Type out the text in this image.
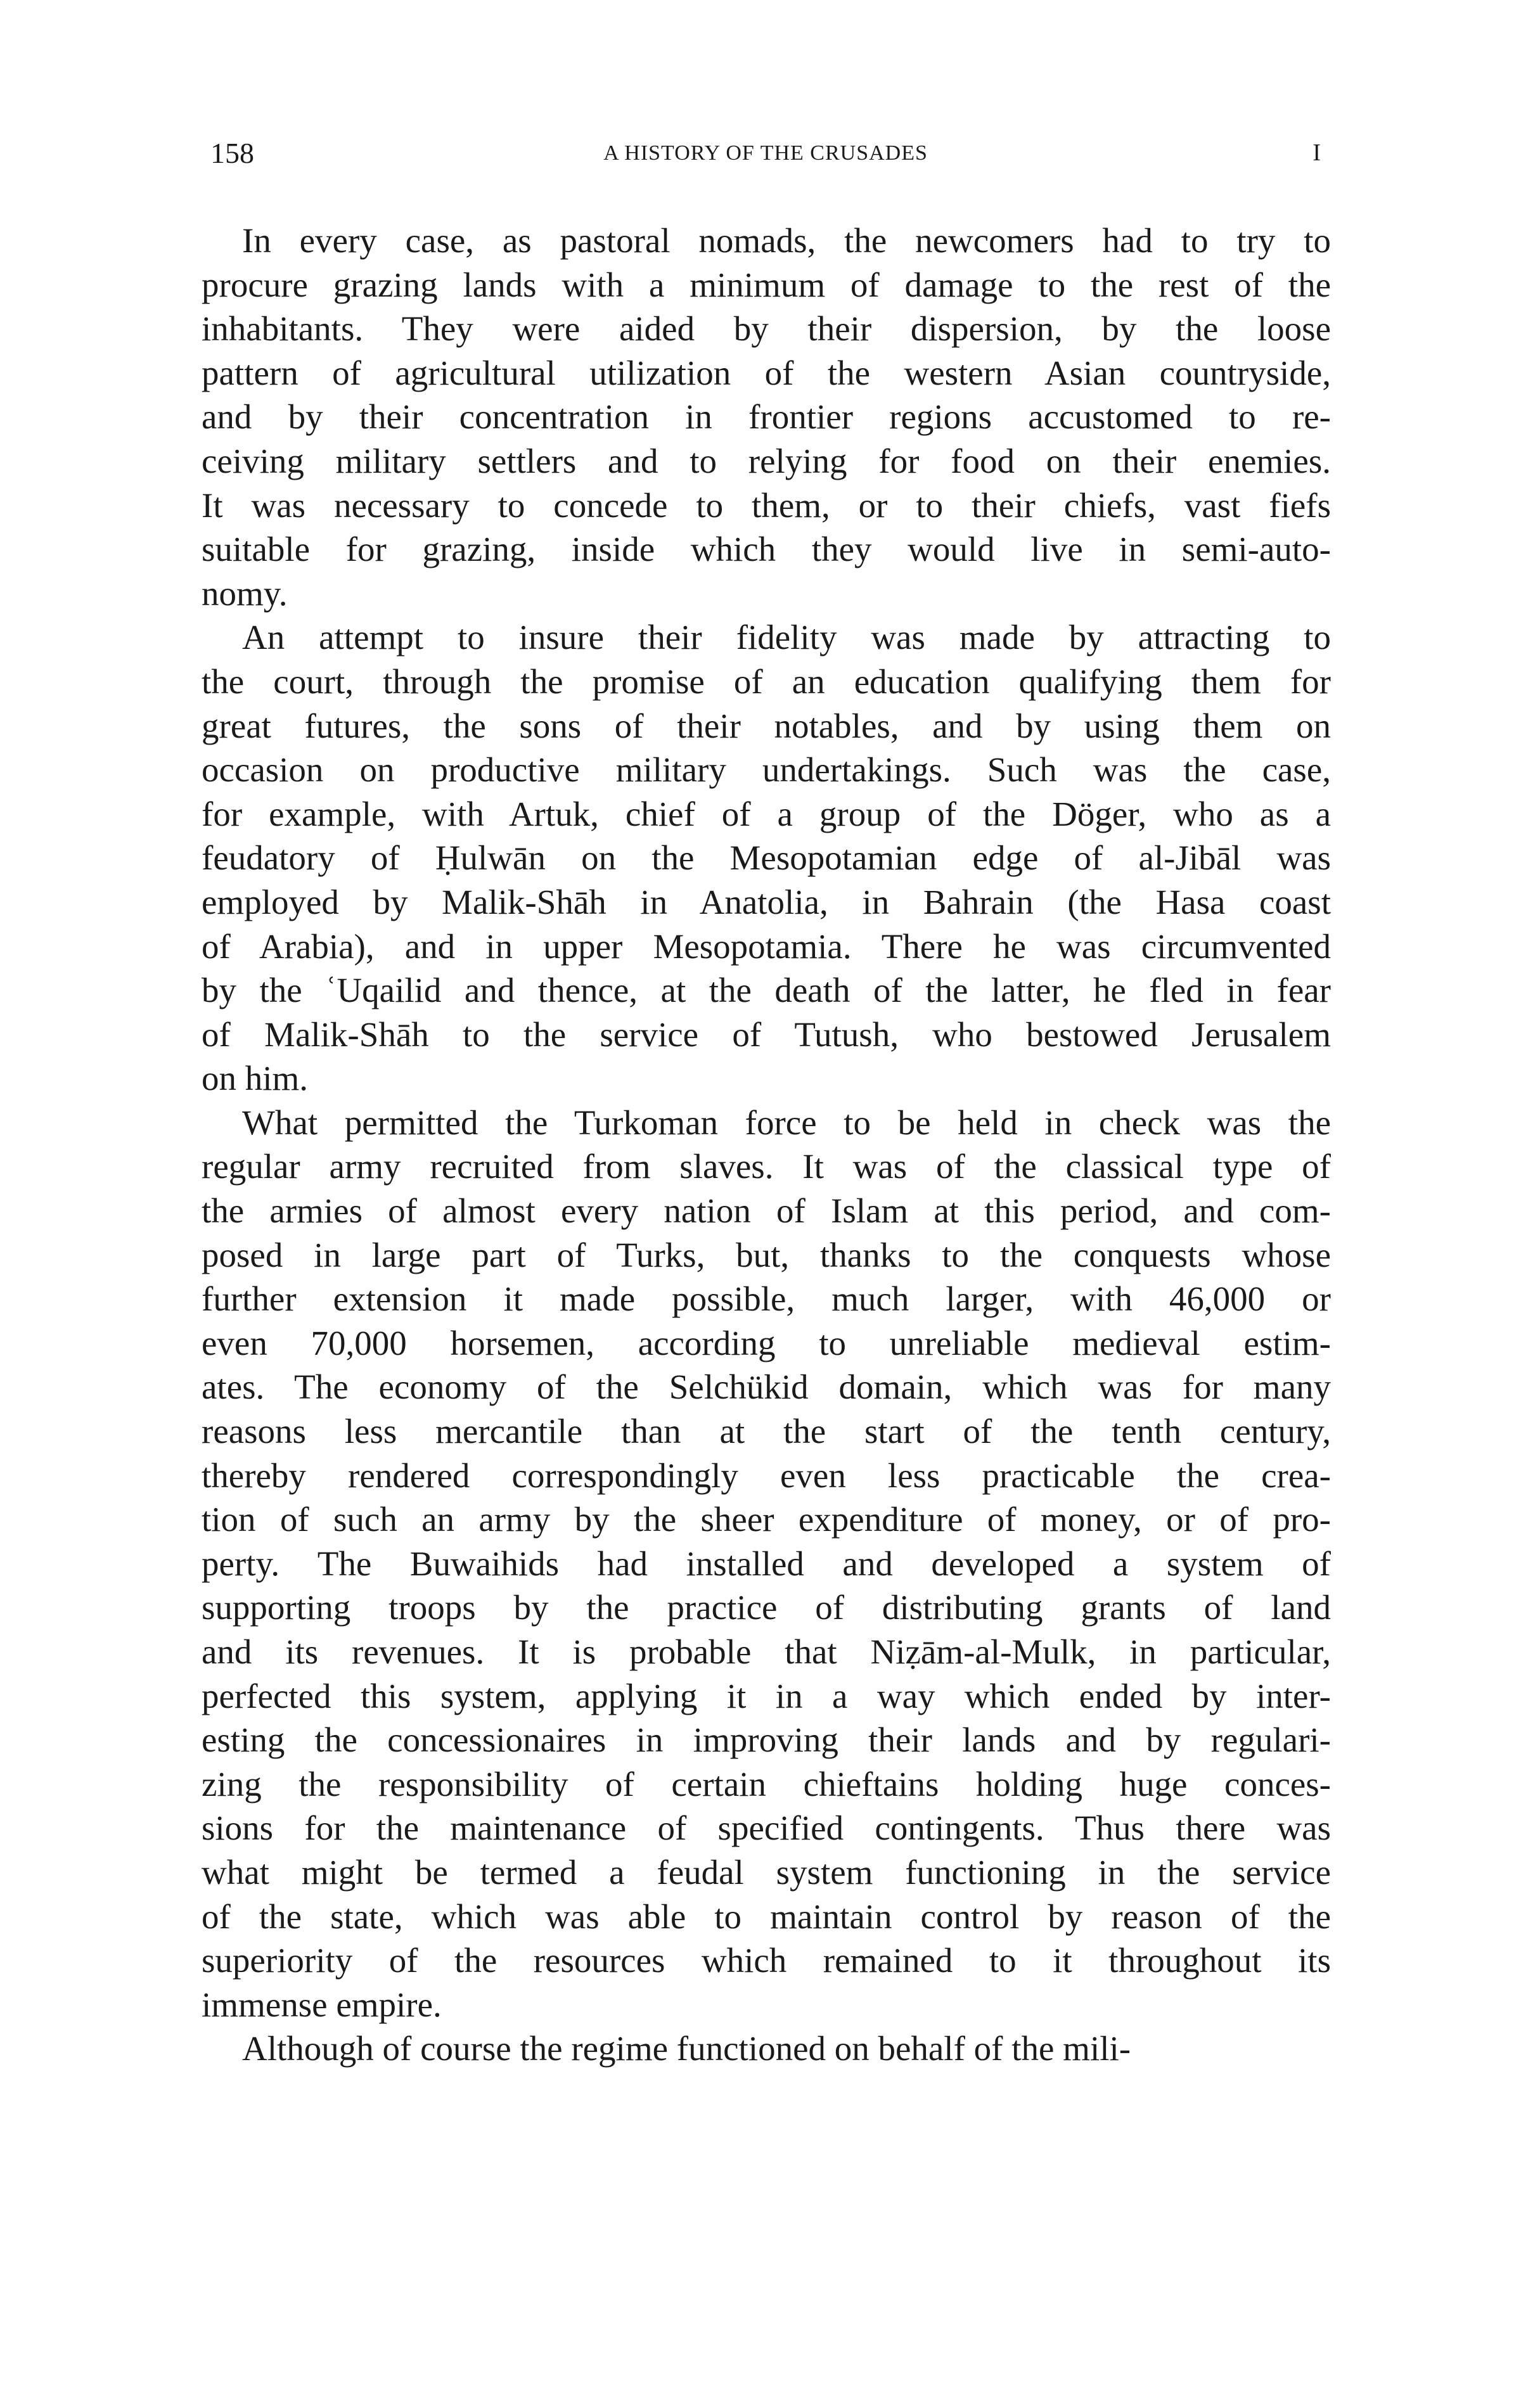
158	A HISTORY OF THE CRUSADES	I
In every case, as pastoral nomads, the newcomers had to try to
procure grazing lands with a minimum of damage to the rest of the
inhabitants. They were aided by their dispersion, by the loose
pattern of agricultural utilization of the western Asian countryside,
and by their concentration in frontier regions accustomed to re-
ceiving military settlers and to relying for food on their enemies.
It was necessary to concede to them, or to their chiefs, vast fiefs
suitable for grazing, inside which they would live in semi-auto-
nomy.
An attempt to insure their fidelity was made by attracting to
the court, through the promise of an education qualifying them for
great futures, the sons of their notables, and by using them on
occasion on productive military undertakings. Such was the case,
for example, with Artuk, chief of a group of the Döger, who as a
feudatory of Ḥulwān on the Mesopotamian edge of al-Jibāl was
employed by Malik-Shāh in Anatolia, in Bahrain (the Hasa coast
of Arabia), and in upper Mesopotamia. There he was circumvented
by the ʿUqailid and thence, at the death of the latter, he fled in fear
of Malik-Shāh to the service of Tutush, who bestowed Jerusalem
on him.
What permitted the Turkoman force to be held in check was the
regular army recruited from slaves. It was of the classical type of
the armies of almost every nation of Islam at this period, and com-
posed in large part of Turks, but, thanks to the conquests whose
further extension it made possible, much larger, with 46,000 or
even 70,000 horsemen, according to unreliable medieval estim-
ates. The economy of the Selchükid domain, which was for many
reasons less mercantile than at the start of the tenth century,
thereby rendered correspondingly even less practicable the crea-
tion of such an army by the sheer expenditure of money, or of pro-
perty. The Buwaihids had installed and developed a system of
supporting troops by the practice of distributing grants of land
and its revenues. It is probable that Niẓām-al-Mulk, in particular,
perfected this system, applying it in a way which ended by inter-
esting the concessionaires in improving their lands and by regulari-
zing the responsibility of certain chieftains holding huge conces-
sions for the maintenance of specified contingents. Thus there was
what might be termed a feudal system functioning in the service
of the state, which was able to maintain control by reason of the
superiority of the resources which remained to it throughout its
immense empire.
Although of course the regime functioned on behalf of the mili-
